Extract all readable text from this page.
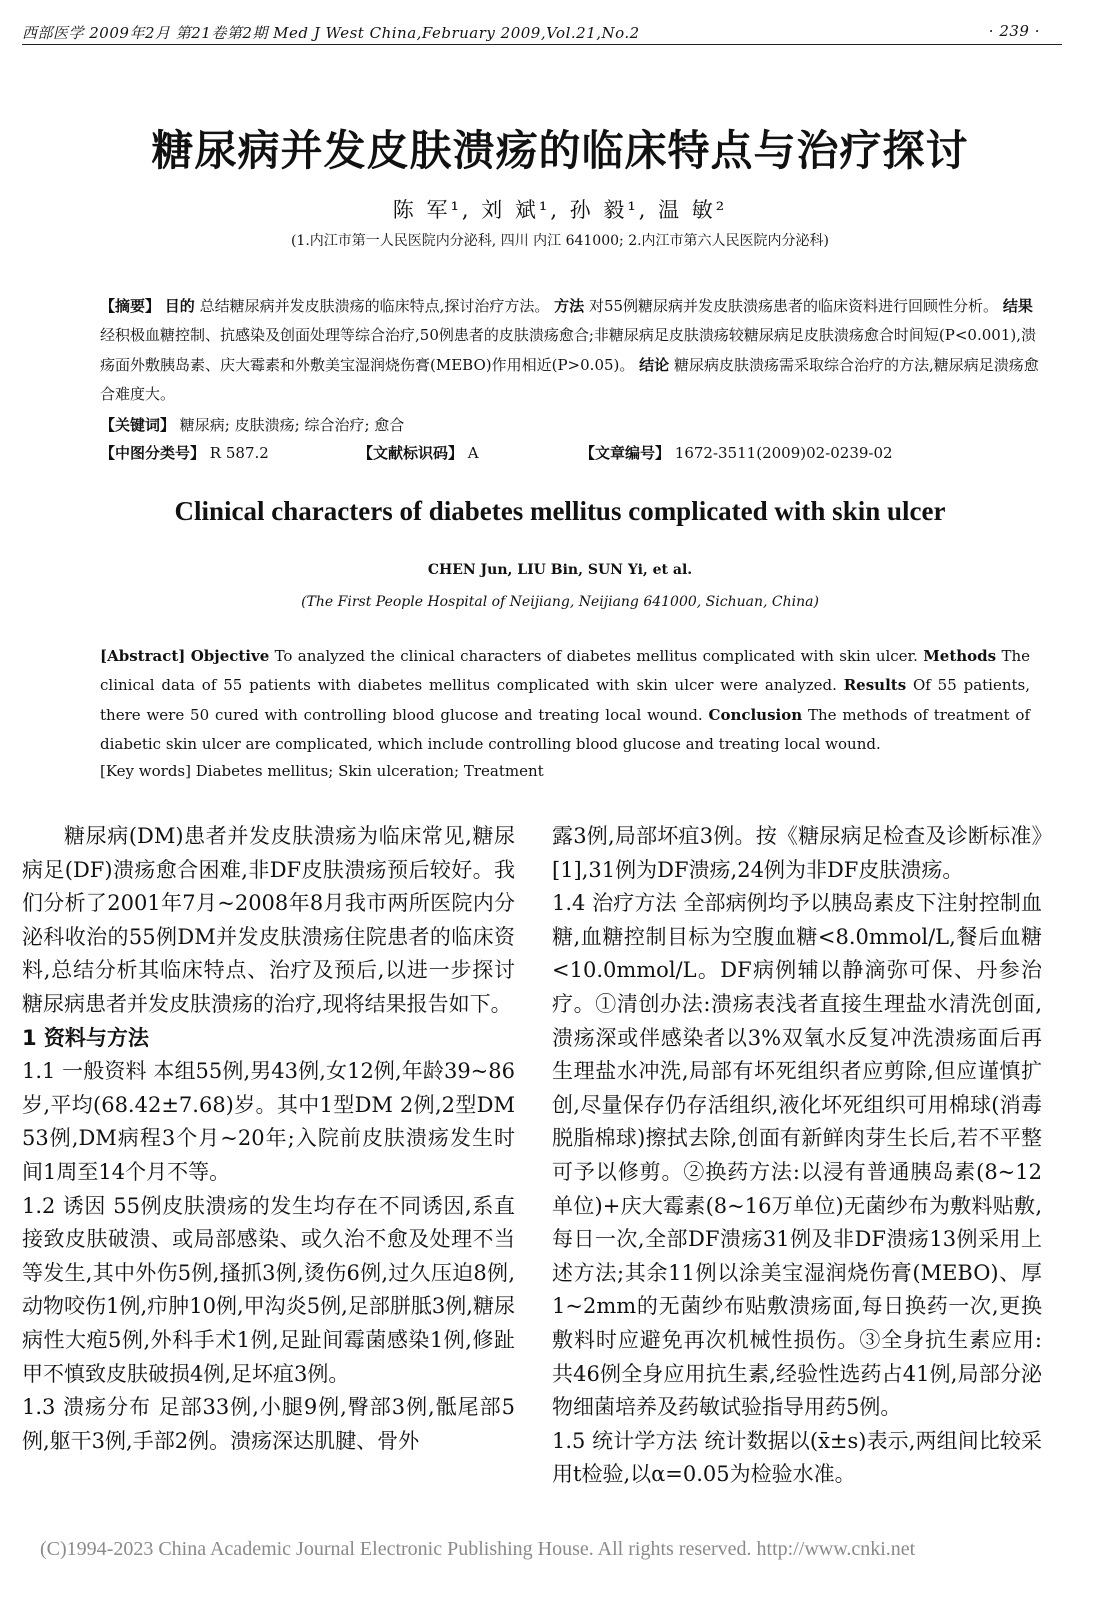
西部医学 2009年2月 第21卷第2期 Med J West China,February 2009,Vol.21,No.2	· 239 ·
糖尿病并发皮肤溃疡的临床特点与治疗探讨
陈 军¹, 刘 斌¹, 孙 毅¹, 温 敏²
(1.内江市第一人民医院内分泌科, 四川 内江 641000; 2.内江市第六人民医院内分泌科)
【摘要】 目的 总结糖尿病并发皮肤溃疡的临床特点,探讨治疗方法。 方法 对55例糖尿病并发皮肤溃疡患者的临床资料进行回顾性分析。 结果 经积极血糖控制、抗感染及创面处理等综合治疗,50例患者的皮肤溃疡愈合;非糖尿病足皮肤溃疡较糖尿病足皮肤溃疡愈合时间短(P<0.001),溃疡面外敷胰岛素、庆大霉素和外敷美宝湿润烧伤膏(MEBO)作用相近(P>0.05)。 结论 糖尿病皮肤溃疡需采取综合治疗的方法,糖尿病足溃疡愈合难度大。
【关键词】 糖尿病; 皮肤溃疡; 综合治疗; 愈合
【中图分类号】 R 587.2	【文献标识码】 A	【文章编号】 1672-3511(2009)02-0239-02
Clinical characters of diabetes mellitus complicated with skin ulcer
CHEN Jun, LIU Bin, SUN Yi, et al.
(The First People Hospital of Neijiang, Neijiang 641000, Sichuan, China)
[Abstract] Objective To analyzed the clinical characters of diabetes mellitus complicated with skin ulcer. Methods The clinical data of 55 patients with diabetes mellitus complicated with skin ulcer were analyzed. Results Of 55 patients, there were 50 cured with controlling blood glucose and treating local wound. Conclusion The methods of treatment of diabetic skin ulcer are complicated, which include controlling blood glucose and treating local wound.
[Key words] Diabetes mellitus; Skin ulceration; Treatment

糖尿病(DM)患者并发皮肤溃疡为临床常见,糖尿病足(DF)溃疡愈合困难,非DF皮肤溃疡预后较好。我们分析了2001年7月~2008年8月我市两所医院内分泌科收治的55例DM并发皮肤溃疡住院患者的临床资料,总结分析其临床特点、治疗及预后,以进一步探讨糖尿病患者并发皮肤溃疡的治疗,现将结果报告如下。

1 资料与方法

1.1 一般资料 本组55例,男43例,女12例,年龄39~86岁,平均(68.42±7.68)岁。其中1型DM 2例,2型DM 53例,DM病程3个月~20年;入院前皮肤溃疡发生时间1周至14个月不等。

1.2 诱因 55例皮肤溃疡的发生均存在不同诱因,系直接致皮肤破溃、或局部感染、或久治不愈及处理不当等发生,其中外伤5例,搔抓3例,烫伤6例,过久压迫8例,动物咬伤1例,疖肿10例,甲沟炎5例,足部胼胝3例,糖尿病性大疱5例,外科手术1例,足趾间霉菌感染1例,修趾甲不慎致皮肤破损4例,足坏疽3例。

1.3 溃疡分布 足部33例,小腿9例,臀部3例,骶尾部5例,躯干3例,手部2例。溃疡深达肌腱、骨外

露3例,局部坏疽3例。按《糖尿病足检查及诊断标准》[1],31例为DF溃疡,24例为非DF皮肤溃疡。

1.4 治疗方法 全部病例均予以胰岛素皮下注射控制血糖,血糖控制目标为空腹血糖<8.0mmol/L,餐后血糖<10.0mmol/L。DF病例辅以静滴弥可保、丹参治疗。①清创办法:溃疡表浅者直接生理盐水清洗创面,溃疡深或伴感染者以3%双氧水反复冲洗溃疡面后再生理盐水冲洗,局部有坏死组织者应剪除,但应谨慎扩创,尽量保存仍存活组织,液化坏死组织可用棉球(消毒脱脂棉球)擦拭去除,创面有新鲜肉芽生长后,若不平整可予以修剪。②换药方法:以浸有普通胰岛素(8~12单位)+庆大霉素(8~16万单位)无菌纱布为敷料贴敷,每日一次,全部DF溃疡31例及非DF溃疡13例采用上述方法;其余11例以涂美宝湿润烧伤膏(MEBO)、厚1~2mm的无菌纱布贴敷溃疡面,每日换药一次,更换敷料时应避免再次机械性损伤。③全身抗生素应用:共46例全身应用抗生素,经验性选药占41例,局部分泌物细菌培养及药敏试验指导用药5例。

1.5 统计学方法 统计数据以(x̄±s)表示,两组间比较采用t检验,以α=0.05为检验水准。

(C)1994-2023 China Academic Journal Electronic Publishing House. All rights reserved. http://www.cnki.net
